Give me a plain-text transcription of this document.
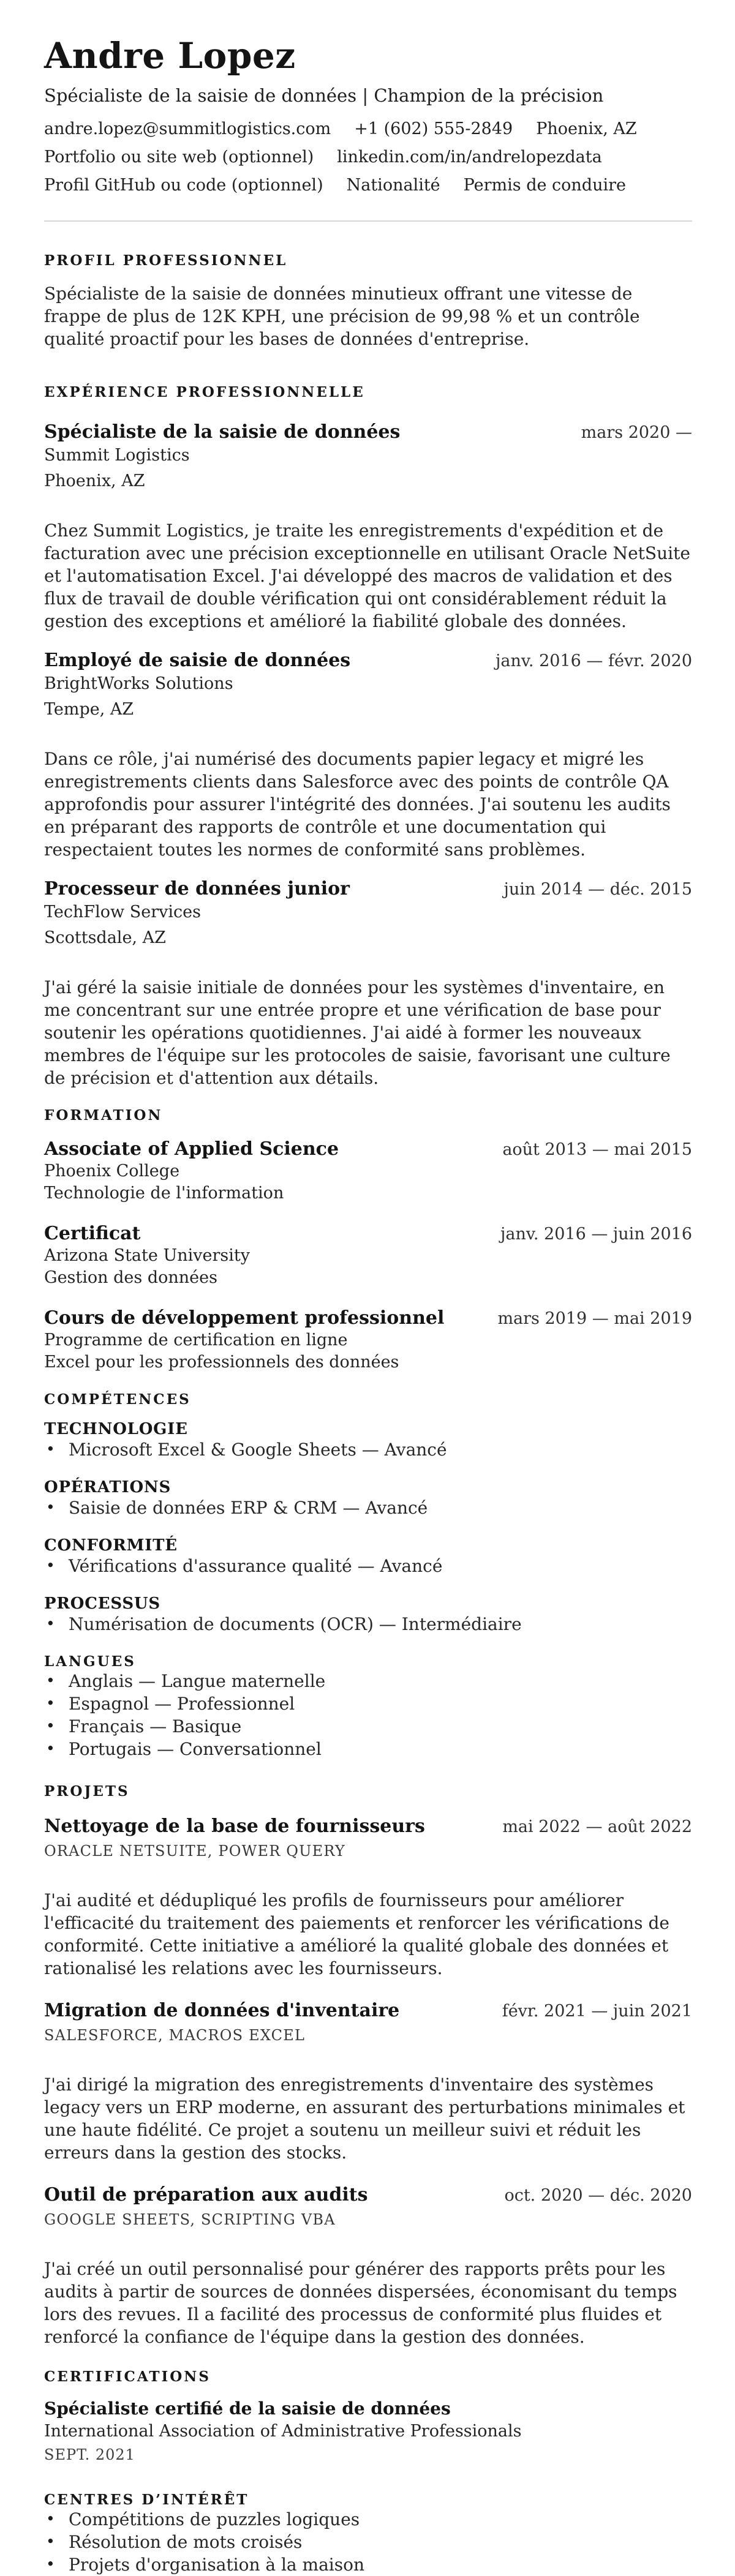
Andre Lopez
Spécialiste de la saisie de données | Champion de la précision
andre.lopez@summitlogistics.com +1 (602) 555-2849 Phoenix, AZ
Portfolio ou site web (optionnel) linkedin.com/in/andrelopezdata
Profil GitHub ou code (optionnel) Nationalité Permis de conduire
PROFIL PROFESSIONNEL

Spécialiste de la saisie de données minutieux offrant une vitesse de frappe de plus de 12K KPH, une précision de 99,98 % et un contrôle qualité proactif pour les bases de données d'entreprise.

EXPÉRIENCE PROFESSIONNELLE
Spécialiste de la saisie de données	mars 2020 —
Summit Logistics
Phoenix, AZ

Chez Summit Logistics, je traite les enregistrements d'expédition et de facturation avec une précision exceptionnelle en utilisant Oracle NetSuite et l'automatisation Excel. J'ai développé des macros de validation et des flux de travail de double vérification qui ont considérablement réduit la gestion des exceptions et amélioré la fiabilité globale des données.

Employé de saisie de données	janv. 2016 — févr. 2020
BrightWorks Solutions
Tempe, AZ

Dans ce rôle, j'ai numérisé des documents papier legacy et migré les enregistrements clients dans Salesforce avec des points de contrôle QA approfondis pour assurer l'intégrité des données. J'ai soutenu les audits en préparant des rapports de contrôle et une documentation qui respectaient toutes les normes de conformité sans problèmes.

Processeur de données junior	juin 2014 — déc. 2015
TechFlow Services
Scottsdale, AZ

J'ai géré la saisie initiale de données pour les systèmes d'inventaire, en me concentrant sur une entrée propre et une vérification de base pour soutenir les opérations quotidiennes. J'ai aidé à former les nouveaux membres de l'équipe sur les protocoles de saisie, favorisant une culture de précision et d'attention aux détails.

FORMATION
Associate of Applied Science	août 2013 — mai 2015
Phoenix College
Technologie de l'information
Certificat	janv. 2016 — juin 2016
Arizona State University
Gestion des données
Cours de développement professionnel	mars 2019 — mai 2019
Programme de certification en ligne
Excel pour les professionnels des données
COMPÉTENCES
TECHNOLOGIE
• Microsoft Excel & Google Sheets — Avancé
OPÉRATIONS
• Saisie de données ERP & CRM — Avancé
CONFORMITÉ
• Vérifications d'assurance qualité — Avancé
PROCESSUS
• Numérisation de documents (OCR) — Intermédiaire
LANGUES
• Anglais — Langue maternelle
• Espagnol — Professionnel
• Français — Basique
• Portugais — Conversationnel
PROJETS
Nettoyage de la base de fournisseurs	mai 2022 — août 2022
ORACLE NETSUITE, POWER QUERY

J'ai audité et dédupliqué les profils de fournisseurs pour améliorer l'efficacité du traitement des paiements et renforcer les vérifications de conformité. Cette initiative a amélioré la qualité globale des données et rationalisé les relations avec les fournisseurs.

Migration de données d'inventaire	févr. 2021 — juin 2021
SALESFORCE, MACROS EXCEL

J'ai dirigé la migration des enregistrements d'inventaire des systèmes legacy vers un ERP moderne, en assurant des perturbations minimales et une haute fidélité. Ce projet a soutenu un meilleur suivi et réduit les erreurs dans la gestion des stocks.

Outil de préparation aux audits	oct. 2020 — déc. 2020
GOOGLE SHEETS, SCRIPTING VBA

J'ai créé un outil personnalisé pour générer des rapports prêts pour les audits à partir de sources de données dispersées, économisant du temps lors des revues. Il a facilité des processus de conformité plus fluides et renforcé la confiance de l'équipe dans la gestion des données.

CERTIFICATIONS
Spécialiste certifié de la saisie de données
International Association of Administrative Professionals
SEPT. 2021
CENTRES D’INTÉRÊT
• Compétitions de puzzles logiques
• Résolution de mots croisés
• Projets d'organisation à la maison
